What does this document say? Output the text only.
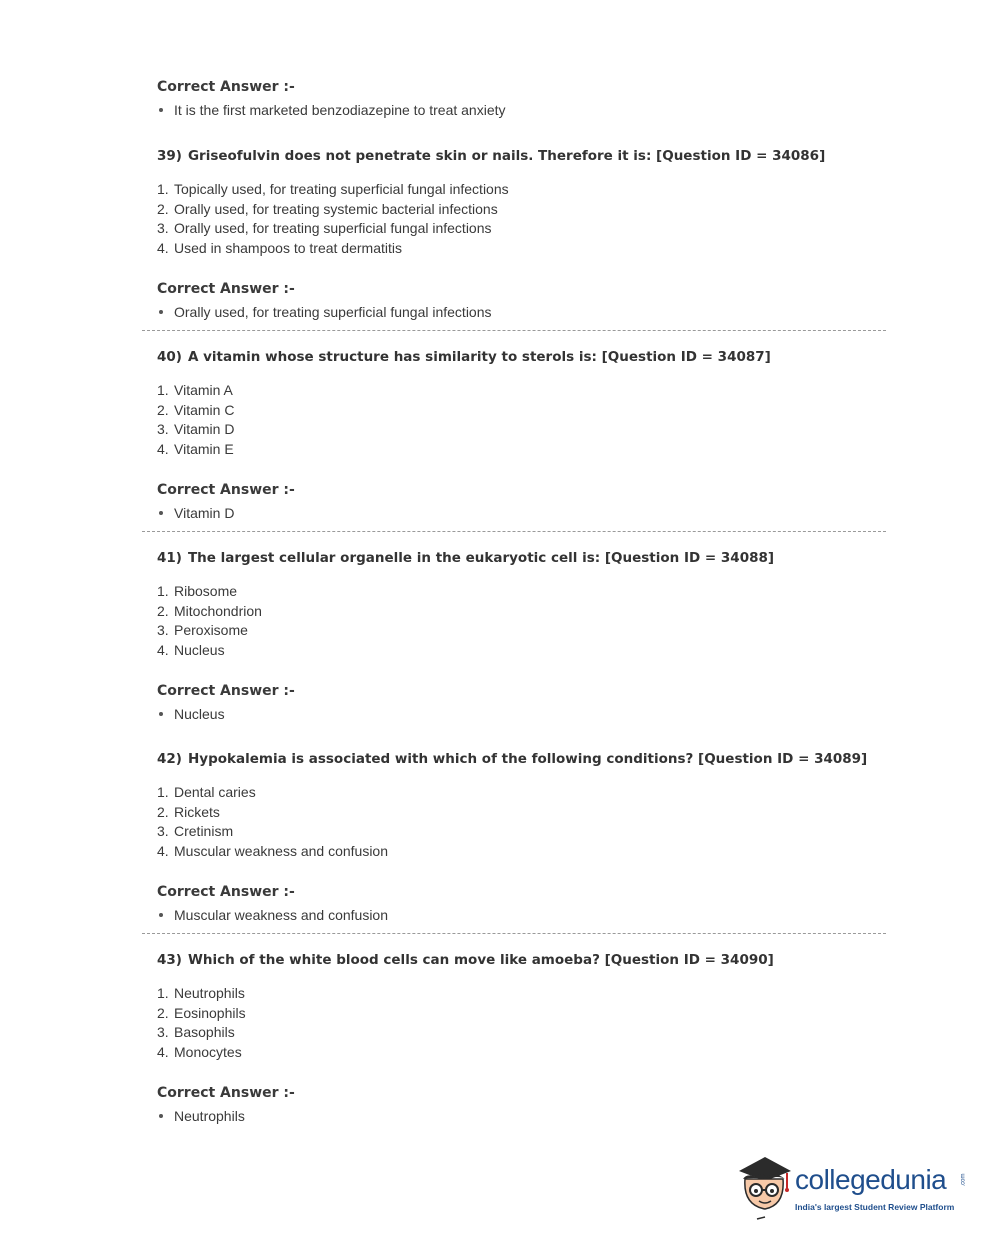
Correct Answer :-
It is the first marketed benzodiazepine to treat anxiety
39) Griseofulvin does not penetrate skin or nails. Therefore it is: [Question ID = 34086]
1. Topically used, for treating superficial fungal infections
2. Orally used, for treating systemic bacterial infections
3. Orally used, for treating superficial fungal infections
4. Used in shampoos to treat dermatitis
Correct Answer :-
Orally used, for treating superficial fungal infections
40) A vitamin whose structure has similarity to sterols is: [Question ID = 34087]
1. Vitamin A
2. Vitamin C
3. Vitamin D
4. Vitamin E
Correct Answer :-
Vitamin D
41) The largest cellular organelle in the eukaryotic cell is: [Question ID = 34088]
1. Ribosome
2. Mitochondrion
3. Peroxisome
4. Nucleus
Correct Answer :-
Nucleus
42) Hypokalemia is associated with which of the following conditions? [Question ID = 34089]
1. Dental caries
2. Rickets
3. Cretinism
4. Muscular weakness and confusion
Correct Answer :-
Muscular weakness and confusion
43) Which of the white blood cells can move like amoeba? [Question ID = 34090]
1. Neutrophils
2. Eosinophils
3. Basophils
4. Monocytes
Correct Answer :-
Neutrophils
collegedunia .com
India's largest Student Review Platform
